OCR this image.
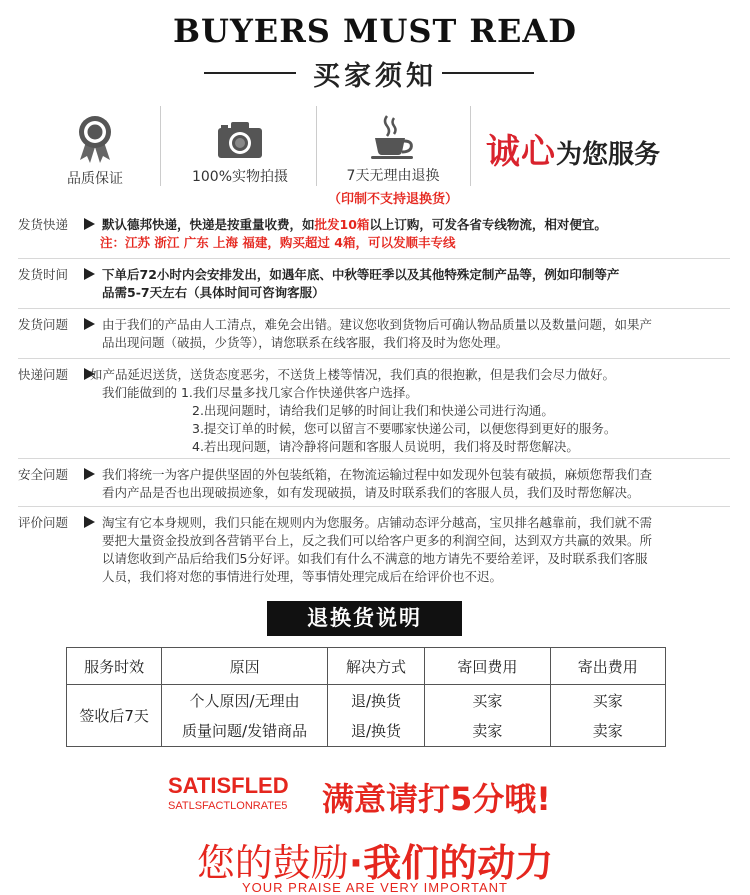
BUYERS MUST READ
买家须知
品质保证	100%实物拍摄	7天无理由退换
（印制不支持退换货）
诚心为您服务
发货快递	默认德邦快递，快递是按重量收费，如批发10箱以上订购，可发各省专线物流，相对便宜。
注：江苏 浙江 广东 上海 福建，购买超过 4箱，可以发顺丰专线
发货时间	下单后72小时内会安排发出，如遇年底、中秋等旺季以及其他特殊定制产品等，例如印制等产
品需5-7天左右（具体时间可咨询客服）
发货问题	由于我们的产品由人工清点，难免会出错。建议您收到货物后可确认物品质量以及数量问题，如果产
品出现问题（破损，少货等），请您联系在线客服，我们将及时为您处理。
快递问题	如产品延迟送货，送货态度恶劣，不送货上楼等情况，我们真的很抱歉，但是我们会尽力做好。
我们能做到的 1.我们尽量多找几家合作快递供客户选择。
2.出现问题时，请给我们足够的时间让我们和快递公司进行沟通。
3.提交订单的时候，您可以留言不要哪家快递公司，以便您得到更好的服务。
4.若出现问题，请冷静将问题和客服人员说明，我们将及时帮您解决。
安全问题	我们将统一为客户提供坚固的外包装纸箱，在物流运输过程中如发现外包装有破损，麻烦您帮我们查
看内产品是否也出现破损迹象，如有发现破损，请及时联系我们的客服人员，我们及时帮您解决。
评价问题	淘宝有它本身规则，我们只能在规则内为您服务。店铺动态评分越高，宝贝排名越靠前，我们就不需
要把大量资金投放到各营销平台上，反之我们可以给客户更多的利润空间，达到双方共赢的效果。所
以请您收到产品后给我们5分好评。如我们有什么不满意的地方请先不要给差评，及时联系我们客服
人员，我们将对您的事情进行处理，等事情处理完成后在给评价也不迟。
退换货说明
服务时效	原因	解决方式	寄回费用	寄出费用
签收后7天	个人原因/无理由	退/换货	买家	买家
	质量问题/发错商品	退/换货	卖家	卖家
SATISFLED
SATLSFACTLONRATE5 满意请打5分哦!
您的鼓励·我们的动力
YOUR PRAISE ARE VERY IMPORTANT
